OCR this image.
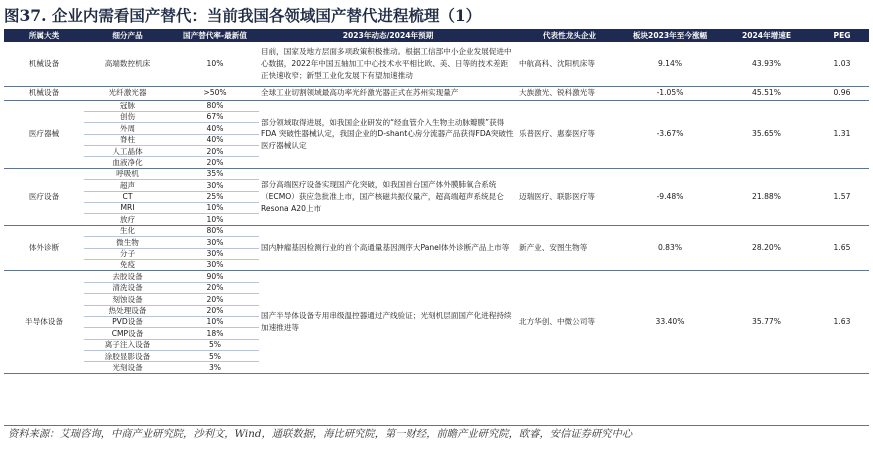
图37. 企业内需看国产替代：当前我国各领域国产替代进程梳理（1）
所属大类	细分产品	国产替代率-最新值	2023年动态/2024年预期	代表性龙头企业	板块2023年至今涨幅	2024年增速E	PEG
机械设备	高端数控机床	10%	目前，国家及地方层面多项政策积极推动。根据工信部中小企业发展促进中心数据，2022年中国五轴加工中心技术水平相比欧、美、日等的技术差距正快速收窄；新型工业化发展下有望加速推动	中航高科、沈阳机床等	9.14%	43.93%	1.03
机械设备	光纤激光器	>50%	全球工业切割领域最高功率光纤激光器正式在苏州实现量产	大族激光、锐科激光等	-1.05%	45.51%	0.96
医疗器械	冠脉	80%	部分领域取得进展，如我国企业研发的“经血管介入生物主动脉瓣膜”获得 FDA 突破性器械认定，我国企业的D-shant心房分流器产品获得FDA突破性医疗器械认定	乐普医疗、惠泰医疗等	-3.67%	35.65%	1.31
	创伤	67%					
	外周	40%					
	脊柱	40%					
	人工晶体	20%					
	血液净化	20%					
医疗设备	呼吸机	35%	部分高端医疗设备实现国产化突破，如我国首台国产体外膜肺氧合系统（ECMO）获应急批准上市，国产核磁共振仪量产，超高端超声系统昆仑Resona A20上市	迈瑞医疗、联影医疗等	-9.48%	21.88%	1.57
	超声	30%					
	CT	25%					
	MRI	10%					
	放疗	10%					
体外诊断	生化	80%	国内肿瘤基因检测行业的首个高通量基因测序大Panel体外诊断产品上市等	新产业、安图生物等	0.83%	28.20%	1.65
	微生物	30%					
	分子	30%					
	免疫	30%					
半导体设备	去胶设备	90%	国产半导体设备专用串级温控器通过产线验证；光刻机层面国产化进程持续加速推进等	北方华创、中微公司等	33.40%	35.77%	1.63
	清洗设备	20%					
	刻蚀设备	20%					
	热处理设备	20%					
	PVD设备	10%					
	CMP设备	18%					
	离子注入设备	5%					
	涂胶显影设备	5%					
	光刻设备	3%					
资料来源：艾瑞咨询，中商产业研究院，沙利文，Wind，通联数据，海比研究院，第一财经，前瞻产业研究院，欧睿，安信证券研究中心
